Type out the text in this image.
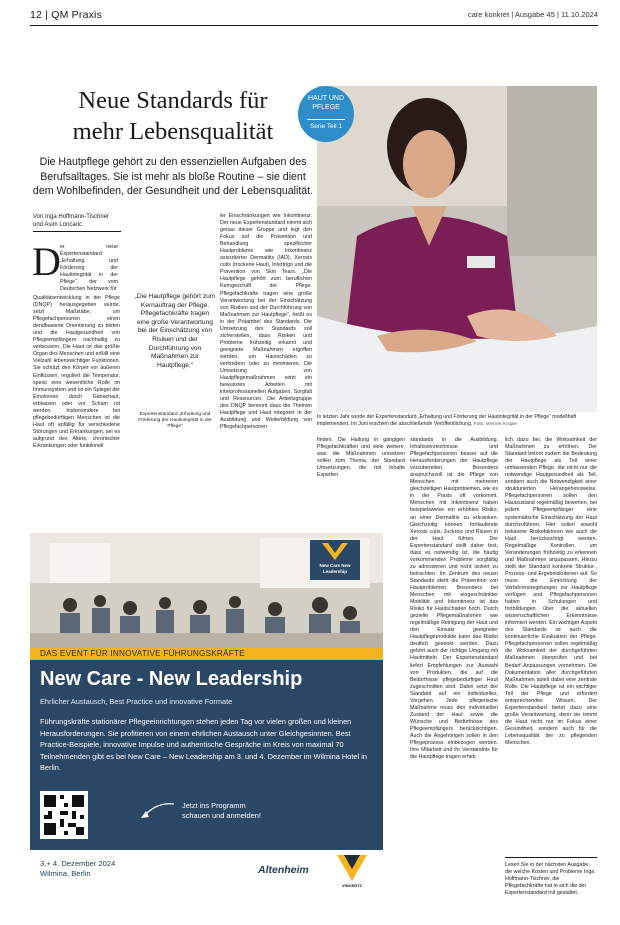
12 | QM Praxis	care konkret | Ausgabe 45 | 11.10.2024
Neue Standards für
mehr Lebensqualität
Die Hautpflege gehört zu den essenziellen Aufgaben des Berufsalltages. Sie ist mehr als bloße Routine – sie dient dem Wohlbefinden, der Gesundheit und der Lebensqualität.
HAUT UND
PFLEGE
Serie Teil 1
In letzten Jahr wurde der Expertenstandard „Erhaltung und Förderung der Hautintegrität in der Pflege“ modellhaft implementiert. Im Juni erschien die abschließende Veröffentlichung. Foto: Werner Krüper
Von Inga Hoffmann-Tischner
und Asim Loncaric
D er neue Expertenstandard „Erhaltung und Förderung der Hautintegrität in der Pflege“, der vom Deutschen Netzwerk für
Qualitätsentwicklung in der Pflege (DNQP) herausgegeben wurde, setzt Maßstäbe, um Pflegefachpersonen einen dendbasierte Orientierung zu bieten und die Hautgesundheit von Pflegeempfängern nachhaltig zu verbessern. Die Haut ist das größte Organ des Menschen und erfüllt eine Vielzahl lebenswichtiger Funktionen. Sie schützt den Körper vor äußeren Einflüssen, reguliert die Temperatur, speist eine wesentliche Rolle im Immunsystem und ist ein Spiegel der Emotionen durch Gänsehaut, erblassen oder vor Scham rot werden. Insbesondere bei pflegebedürftigen Menschen ist die Haut oft anfällig für verschiedene Störungen und Erkrankungen, sei es aufgrund des Alters, chronischer Erkrankungen oder funktionell
„Die Hautpflege gehört zum Kernauftrag der Pflege. Pflegefachkräfte tragen eine große Verantwortung bei der Einschätzung von Risiken und der Durchführung von Maßnahmen zur Hautpflege.“
Expertenstandard „Erhaltung und Förderung der Hautintegrität in der Pflege“
ler Einschränkungen wie Inkontinenz. Der neue Expertenstandard nimmt sich genau dieser Gruppe und legt den Fokus auf die Prävention und Behandlung spezifischer Hautprobleme wie Inkontinenz assoziierter Dermatitis (IAD), Xerosis cutis (trockene Haut), Intertrigo und die Prävention von Skin Tears. „Die Hautpflege gehört zum beruflichen Kerngeschäft der Pflege. Pflegefachkräfte tragen eine große Verantwortung bei der Einschätzung von Risiken und der Durchführung von Maßnahmen zur Hautpflege“, heißt es in der Präambel des Standards. Die Umsetzung des Standards soll sicherstellen, dass Risiken und Probleme frühzeitig erkannt und geeignete Maßnahmen ergriffen werden, um Hautschäden zu verhindern oder zu minimieren. Die Umsetzung von Hautpflegemaßnahmen setzt ein bewusstes Arbeiten mit interprofessionellen Aufgaben, Sorgfalt und Ressourcen. Die Arbeitsgruppe des DNQP benennt dass die Themen Hautpflege und Haut integriert in der Ausbildung und Weiterbildung von Pflegefachpersonen
finden. Die Haltung in gängigen Pflegefachkräften und viele weitere, was die Maßnahmen umsetzen sollen zum Thema, der Standard Umsetzungen, die mit Inhalte Experten
standards in die Ausbildung, Inhaltsverzeichnisse und Pflegefachpersonen besser auf die Herausforderungen der Hautpflege vorzubereiten. Besonders anspruchsvoll ist die Pflege von Menschen mit mehreren gleichzeitigen Hautproblemen, wie es in der Praxis oft vorkommt. Menschen mit Inkontinenz haben beispielsweise ein erhöhtes Risiko, an einer Dermatitis zu erkranken. Gleichzeitig können fortlaufende Xerosis cutis, Juckreiz und Rissen in der Haut führen. Der Expertenstandard stellt daher fest, dass es notwendig ist, die häufig vorkommenden Probleme sorgfältig zu adressieren und nicht isoliert zu betrachten. Im Zentrum des neuen Standards steht die Prävention von Hautproblemen. Besonders bei Menschen mit eingeschränkter Mobilität und Inkontinenz ist das Risiko für Hautschäden hoch. Durch gezielte Pflegemaßnahmen wie regelmäßige Reinigung der Haut und den Einsatz geeigneter Hautpflegeprodukte kann das Risiko deutlich gesenkt werden. Dazu gehört auch der richtige Umgang mit Hautmitteln. Der Expertenstandard liefert Empfehlungen zur Auswahl von Produkten, die auf die Bedürfnisse pflegebedürftiger Haut zugeschnitten sind. Dabei setzt der Standard auf ein individuelles, Vorgehen. Jede pflegerische Maßnahme muss den individuellen Zustand der Haut sowie die Wünsche und Bedürfnisse des Pflegeempfängers berücksichtigen. Auch die Angehörigen sollen in den Pflegeprozess einbezogen werden. Ihre Mitarbeit und ihr Verständnis für die Hautpflege tragen erheb
lich dazu bei, die Wirksamkeit der Maßnahmen zu erhöhen. Der Standard betont zudem die Bedeutung der Hautpflege als Teil einer umfassenden Pflege, die nicht nur die notwendige Hautgesundheit als Teil, sondern auch die Notwendigkeit einer strukturierten Herangehensweise. Pflegefachpersonen sollen den Hautzustand regelmäßig bewerten, bei jedem Pflegeempfänger eine systematische Einschätzung der Haut durchzuführen. Hier sollen sowohl bekannte Risikofaktoren wie auch die Haut berücksichtigt werden. Regelmäßige Kontrollen, um Veränderungen frühzeitig zu erkennen und Maßnahmen anzupassen. Hierzu stellt der Standard konkrete Struktur-, Prozess- und Ergebniskriterien auf. So muss die Einrichtung der Verfahrensregelungen zur Hautpflege verfügen und Pflegefachpersonen haben in Schulungen und fortbildungen über die aktuellen wissenschaftlichen Erkenntnisse informiert werden. Ein wichtiger Aspekt des Standards ist auch die kontinuierliche Evaluation der Pflege. Pflegefachpersonen sollen regelmäßig die Wirksamkeit der durchgeführten Maßnahmen überprüfen und bei Bedarf Anpassungen vornehmen. Die Dokumentation aller durchgeführten Maßnahmen spielt dabei eine zentrale Rolle. Die Hautpflege ist ein wichtiger Teil der Pflege und erfordert entsprechendes Wissen. Der Expertenstandard bietet dazu eine große Verantwortung, denn sie nimmt die Haut nicht nur im Fokus einer Gesundheit, sondern auch für die Lebensqualität der zu pflegenden Menschen.
Lesen Sie in der nächsten Ausgabe, die welche Kosten und Probleme Inga Hoffmann-Tischner, die Pflegefachkräfte hat in sich die der Expertenstandard mit gestaltet.
New Care New Leadership
DAS EVENT FÜR INNOVATIVE FÜHRUNGSKRÄFTE
New Care - New Leadership
Ehrlicher Austausch, Best Practice und innovative Formate
Führungskräfte stationärer Pflegeeinrichtungen stehen jeden Tag vor vielen großen und kleinen Herausforderungen. Sie profitieren von einem ehrlichen Austausch unter Gleichgesinnten. Best Practice-Beispiele, innovative Impulse und authentische Gespräche im Kreis von maximal 70 Teilnehmenden gibt es bei New Care – New Leadership am 3. und 4. Dezember im Wilmina Hotel in Berlin.
Jetzt ins Programm
schauen und anmelden!
3.+ 4. Dezember 2024
Wilmina, Berlin	Altenheim
VINCENTZ
